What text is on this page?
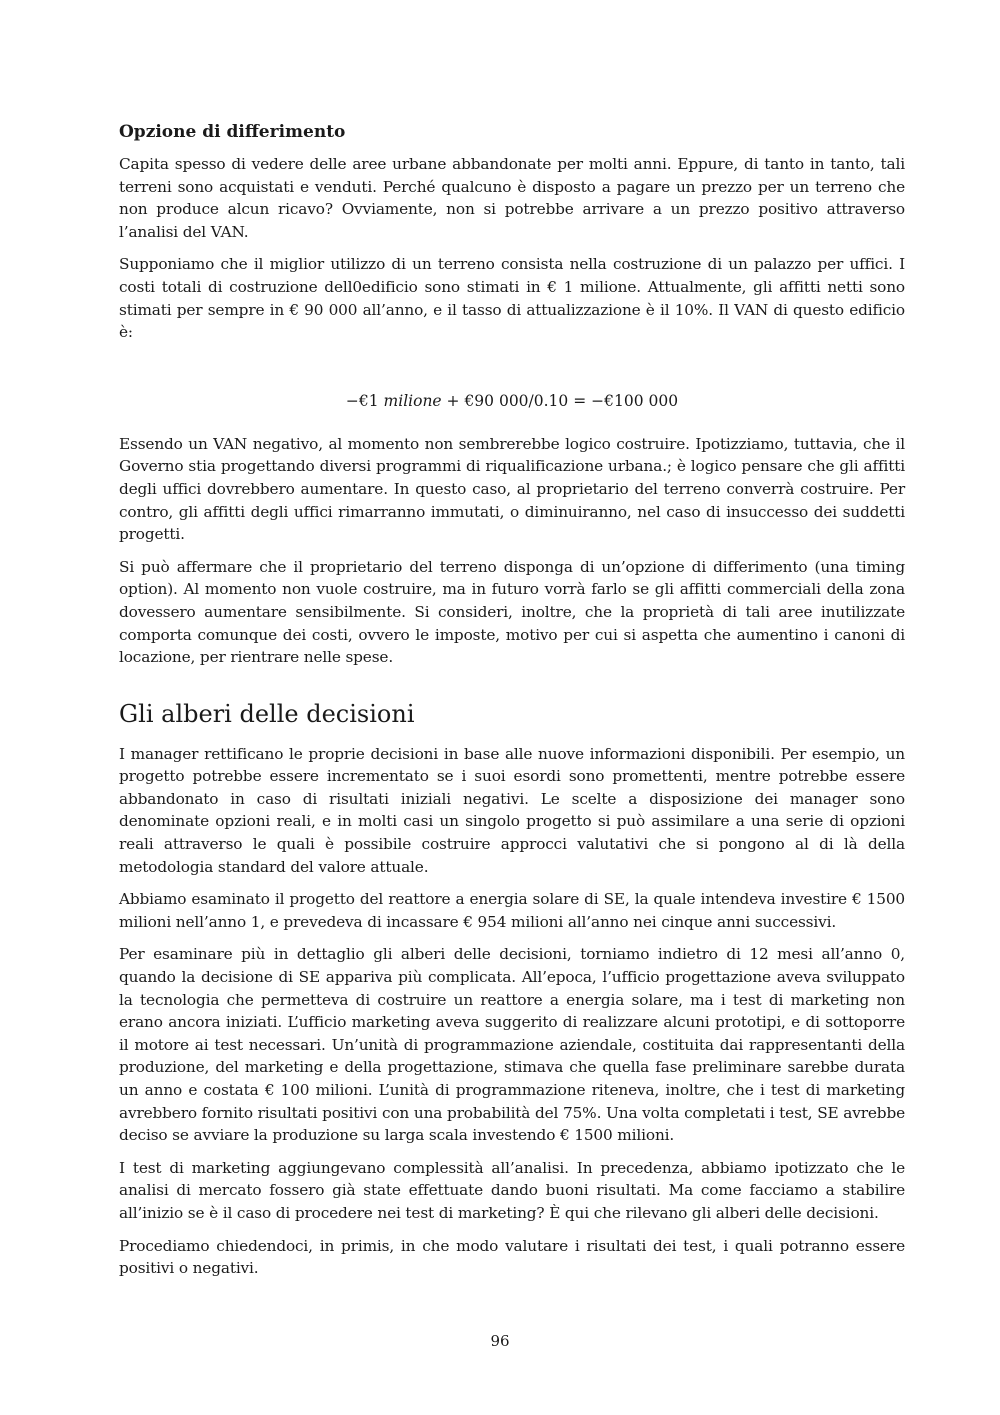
Opzione di differimento

Capita spesso di vedere delle aree urbane abbandonate per molti anni. Eppure, di tanto in tanto, tali terreni sono acquistati e venduti. Perché qualcuno è disposto a pagare un prezzo per un terreno che non produce alcun ricavo? Ovviamente, non si potrebbe arrivare a un prezzo positivo attraverso l’analisi del VAN.

Supponiamo che il miglior utilizzo di un terreno consista nella costruzione di un palazzo per uffici. I costi totali di costruzione dell0edificio sono stimati in € 1 milione. Attualmente, gli affitti netti sono stimati per sempre in € 90 000 all’anno, e il tasso di attualizzazione è il 10%. Il VAN di questo edificio è:

−€1 milione + €90 000/0.10 = −€100 000

Essendo un VAN negativo, al momento non sembrerebbe logico costruire. Ipotizziamo, tuttavia, che il Governo stia progettando diversi programmi di riqualificazione urbana.; è logico pensare che gli affitti degli uffici dovrebbero aumentare. In questo caso, al proprietario del terreno converrà costruire. Per contro, gli affitti degli uffici rimarranno immutati, o diminuiranno, nel caso di insuccesso dei suddetti progetti.

Si può affermare che il proprietario del terreno disponga di un’opzione di differimento (una timing option). Al momento non vuole costruire, ma in futuro vorrà farlo se gli affitti commerciali della zona dovessero aumentare sensibilmente. Si consideri, inoltre, che la proprietà di tali aree inutilizzate comporta comunque dei costi, ovvero le imposte, motivo per cui si aspetta che aumentino i canoni di locazione, per rientrare nelle spese.

Gli alberi delle decisioni

I manager rettificano le proprie decisioni in base alle nuove informazioni disponibili. Per esempio, un progetto potrebbe essere incrementato se i suoi esordi sono promettenti, mentre potrebbe essere abbandonato in caso di risultati iniziali negativi. Le scelte a disposizione dei manager sono denominate opzioni reali, e in molti casi un singolo progetto si può assimilare a una serie di opzioni reali attraverso le quali è possibile costruire approcci valutativi che si pongono al di là della metodologia standard del valore attuale.

Abbiamo esaminato il progetto del reattore a energia solare di SE, la quale intendeva investire € 1500 milioni nell’anno 1, e prevedeva di incassare € 954 milioni all’anno nei cinque anni successivi.

Per esaminare più in dettaglio gli alberi delle decisioni, torniamo indietro di 12 mesi all’anno 0, quando la decisione di SE appariva più complicata. All’epoca, l’ufficio progettazione aveva sviluppato la tecnologia che permetteva di costruire un reattore a energia solare, ma i test di marketing non erano ancora iniziati. L’ufficio marketing aveva suggerito di realizzare alcuni prototipi, e di sottoporre il motore ai test necessari. Un’unità di programmazione aziendale, costituita dai rappresentanti della produzione, del marketing e della progettazione, stimava che quella fase preliminare sarebbe durata un anno e costata € 100 milioni. L’unità di programmazione riteneva, inoltre, che i test di marketing avrebbero fornito risultati positivi con una probabilità del 75%. Una volta completati i test, SE avrebbe deciso se avviare la produzione su larga scala investendo € 1500 milioni.

I test di marketing aggiungevano complessità all’analisi. In precedenza, abbiamo ipotizzato che le analisi di mercato fossero già state effettuate dando buoni risultati. Ma come facciamo a stabilire all’inizio se è il caso di procedere nei test di marketing? È qui che rilevano gli alberi delle decisioni.

Procediamo chiedendoci, in primis, in che modo valutare i risultati dei test, i quali potranno essere positivi o negativi.

96
